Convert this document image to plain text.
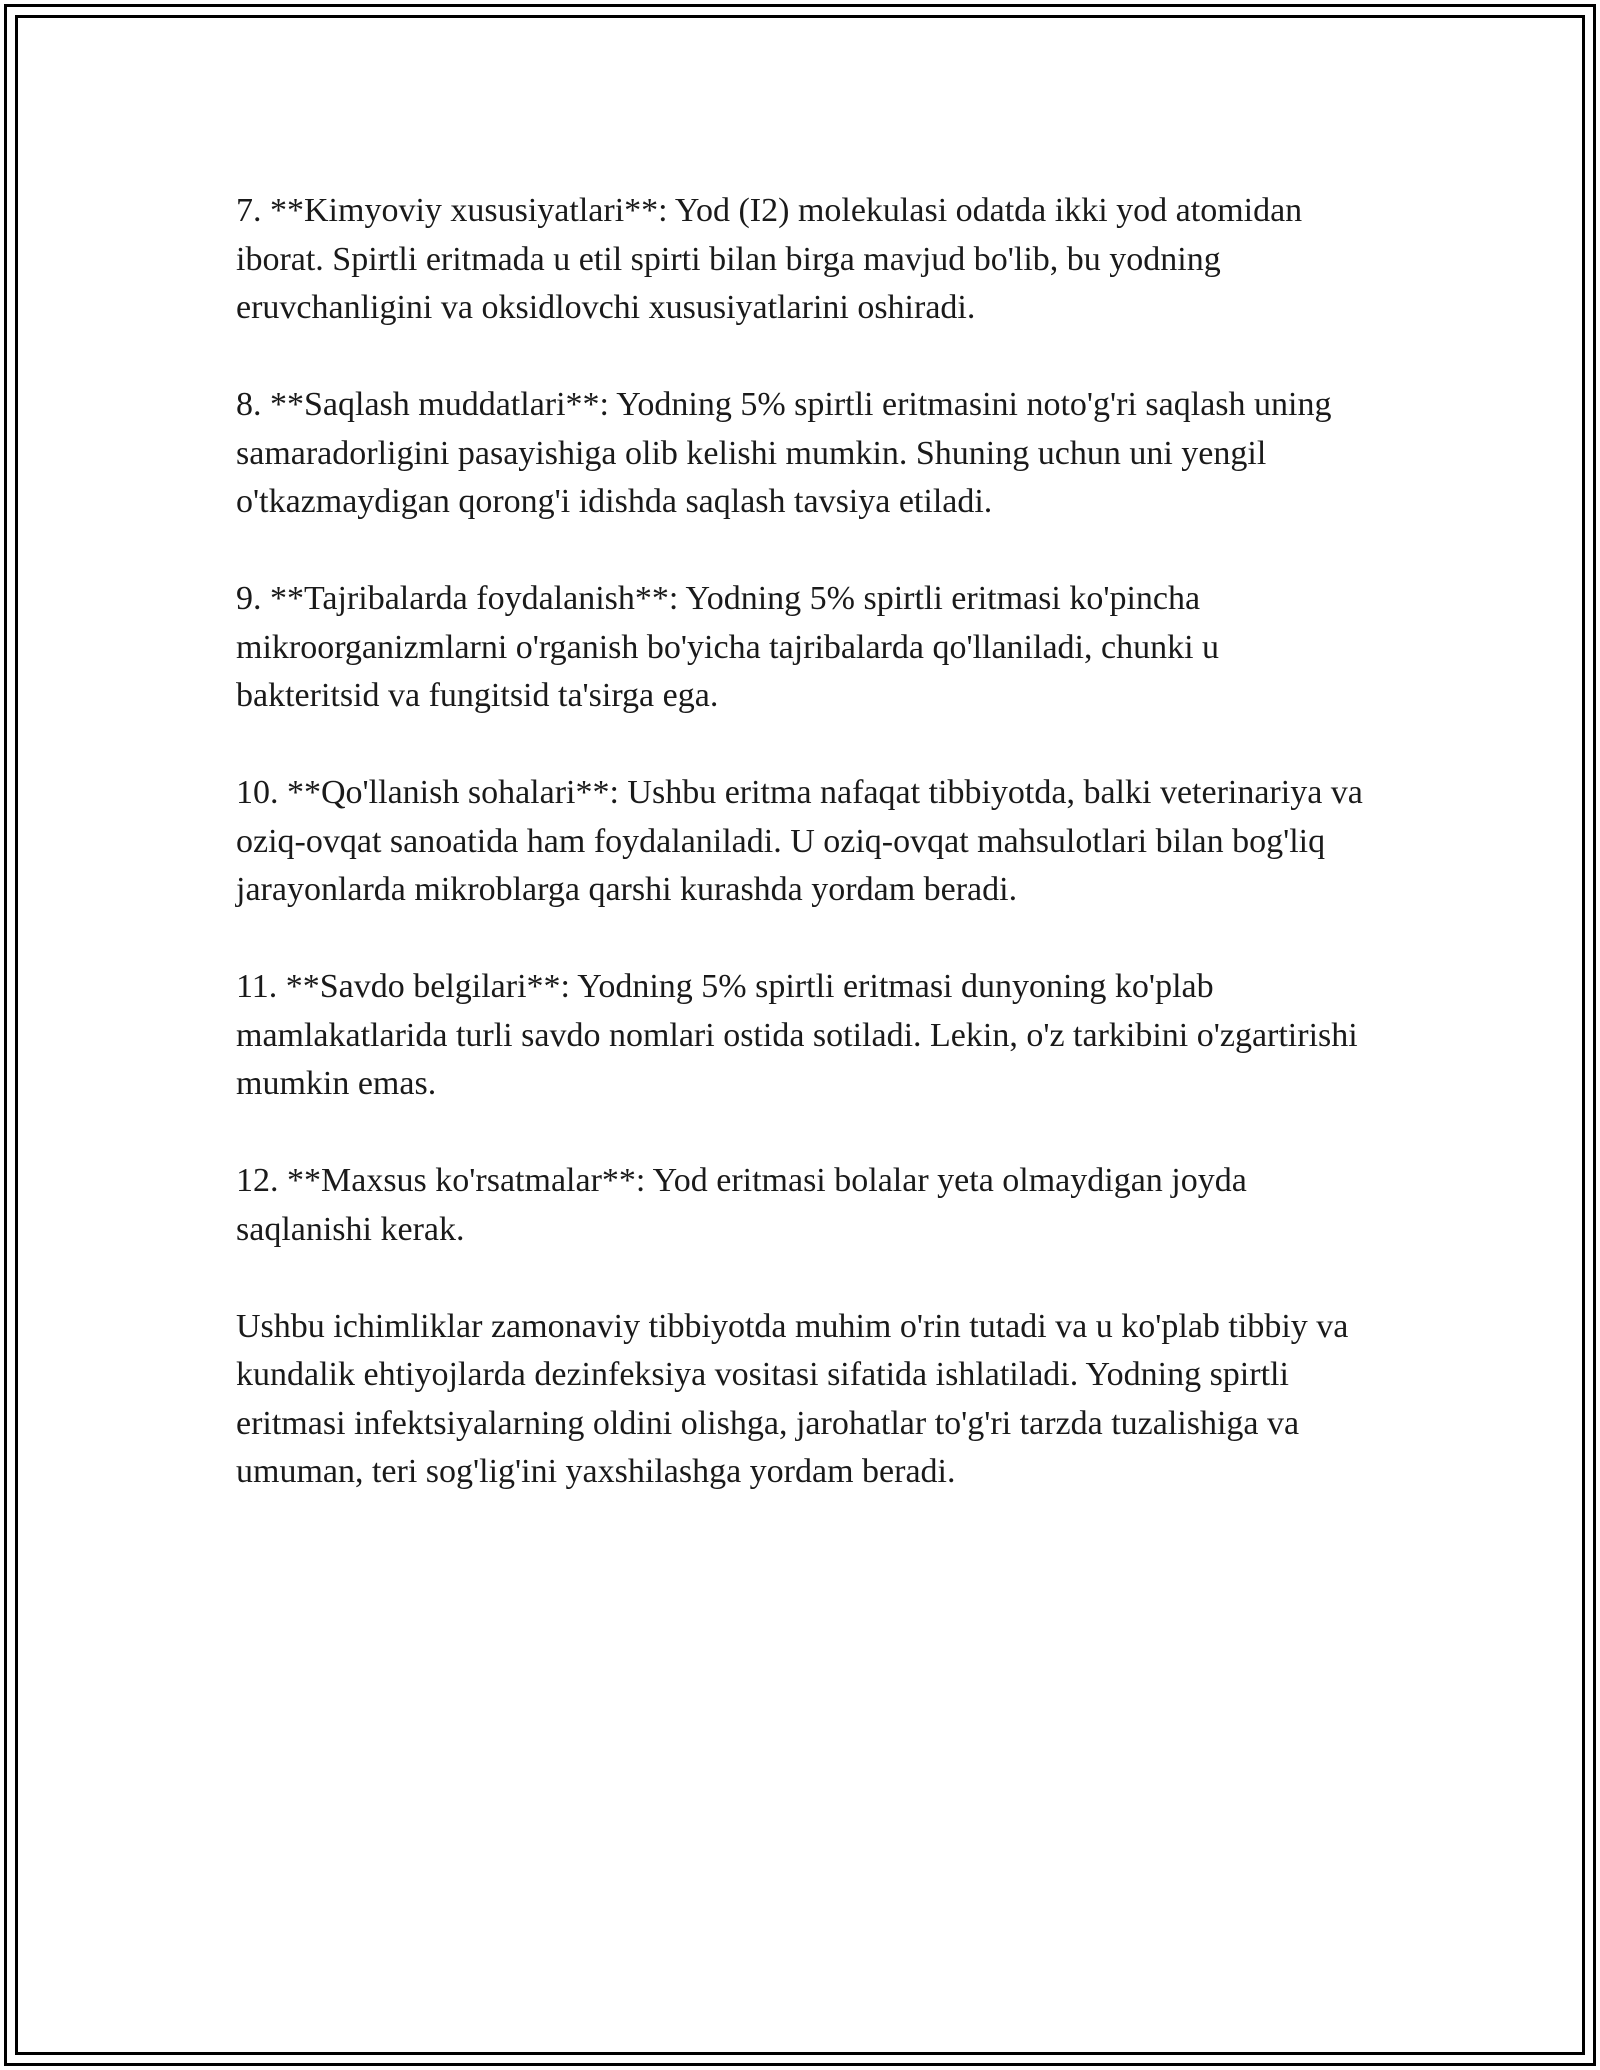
7. **Kimyoviy xususiyatlari**: Yod (I2) molekulasi odatda ikki yod atomidan iborat. Spirtli eritmada u etil spirti bilan birga mavjud bo'lib, bu yodning eruvchanligini va oksidlovchi xususiyatlarini oshiradi.

8. **Saqlash muddatlari**: Yodning 5% spirtli eritmasini noto'g'ri saqlash uning samaradorligini pasayishiga olib kelishi mumkin. Shuning uchun uni yengil o'tkazmaydigan qorong'i idishda saqlash tavsiya etiladi.

9. **Tajribalarda foydalanish**: Yodning 5% spirtli eritmasi ko'pincha mikroorganizmlarni o'rganish bo'yicha tajribalarda qo'llaniladi, chunki u bakteritsid va fungitsid ta'sirga ega.

10. **Qo'llanish sohalari**: Ushbu eritma nafaqat tibbiyotda, balki veterinariya va oziq-ovqat sanoatida ham foydalaniladi. U oziq-ovqat mahsulotlari bilan bog'liq jarayonlarda mikroblarga qarshi kurashda yordam beradi.

11. **Savdo belgilari**: Yodning 5% spirtli eritmasi dunyoning ko'plab mamlakatlarida turli savdo nomlari ostida sotiladi. Lekin, o'z tarkibini o'zgartirishi mumkin emas.

12. **Maxsus ko'rsatmalar**: Yod eritmasi bolalar yeta olmaydigan joyda saqlanishi kerak.

Ushbu ichimliklar zamonaviy tibbiyotda muhim o'rin tutadi va u ko'plab tibbiy va kundalik ehtiyojlarda dezinfeksiya vositasi sifatida ishlatiladi. Yodning spirtli eritmasi infektsiyalarning oldini olishga, jarohatlar to'g'ri tarzda tuzalishiga va umuman, teri sog'lig'ini yaxshilashga yordam beradi.
